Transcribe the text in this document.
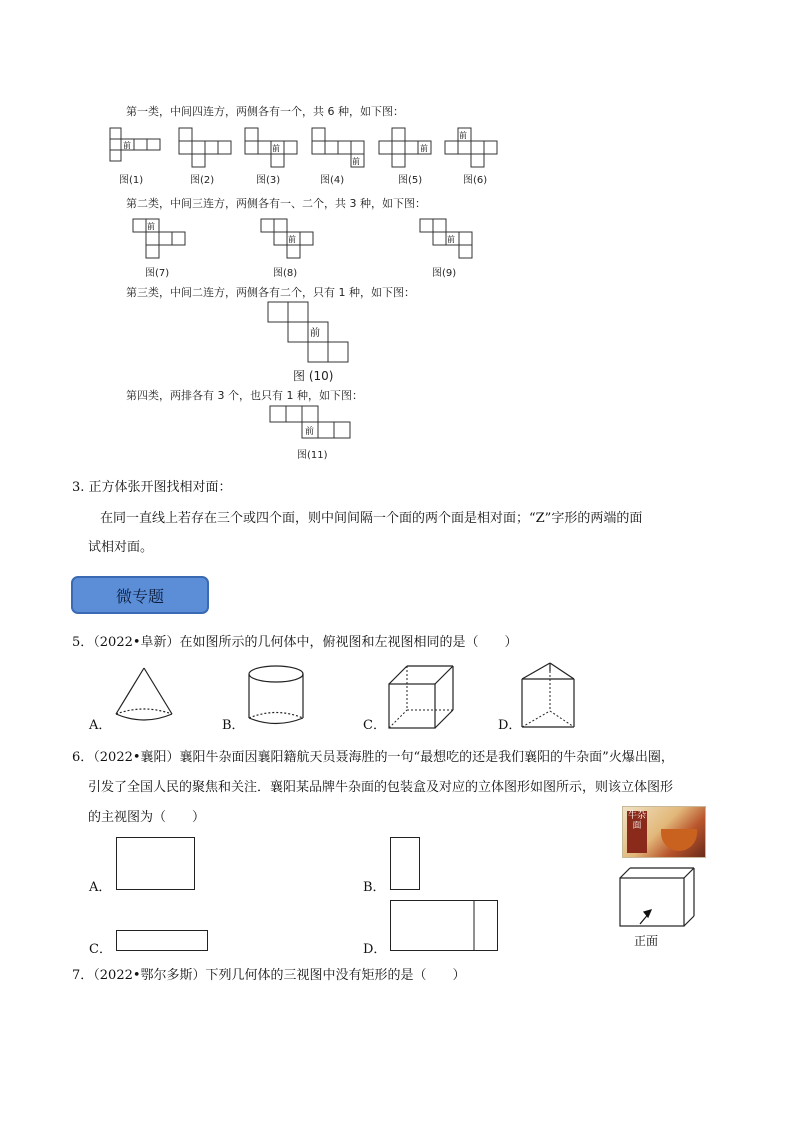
第一类，中间四连方，两侧各有一个，共 6 种，如下图：
前
图(1)	图(2)
前
图(3)
前
图(4)
前
图(5)
前
图(6)
第二类，中间三连方，两侧各有一、二个，共 3 种，如下图：
前
图(7)
前
图(8)
前
图(9)
第三类，中间二连方，两侧各有二个，只有 1 种，如下图：
前
图 (10)
第四类，两排各有 3 个，也只有 1 种，如下图：
前
图(11)
3. 正方体张开图找相对面：
在同一直线上若存在三个或四个面，则中间间隔一个面的两个面是相对面；“Z”字形的两端的面
试相对面。
微专题
5．（2022•阜新）在如图所示的几何体中，俯视图和左视图相同的是（　　）
A．	B．	C．	D．
6．（2022•襄阳）襄阳牛杂面因襄阳籍航天员聂海胜的一句“最想吃的还是我们襄阳的牛杂面”火爆出圈，
引发了全国人民的聚焦和关注．襄阳某品牌牛杂面的包装盒及对应的立体图形如图所示，则该立体图形
的主视图为（　　）	牛杂面
A．	B．
C．	D．
正面
7．（2022•鄂尔多斯）下列几何体的三视图中没有矩形的是（　　）
